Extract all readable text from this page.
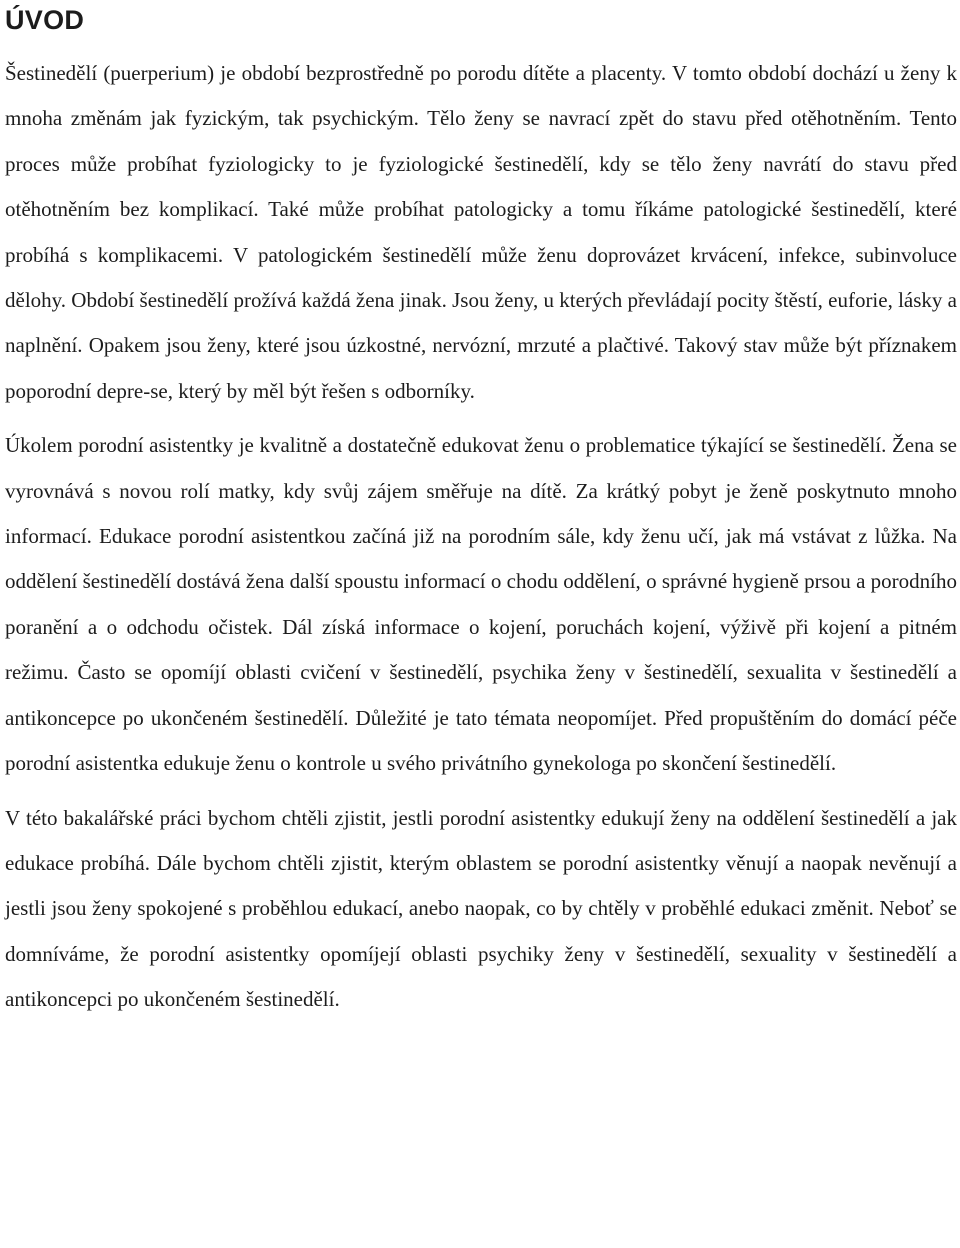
ÚVOD

Šestinedělí (puerperium) je období bezprostředně po porodu dítěte a placenty. V tomto období dochází u ženy k mnoha změnám jak fyzickým, tak psychickým. Tělo ženy se navrací zpět do stavu před otěhotněním. Tento proces může probíhat fyziologicky to je fyziologické šestinedělí, kdy se tělo ženy navrátí do stavu před otěhotněním bez komplikací. Také může probíhat patologicky a tomu říkáme patologické šestinedělí, které probíhá s komplikacemi. V patologickém šestinedělí může ženu doprovázet krvácení, infekce, subinvoluce dělohy. Období šestinedělí prožívá každá žena jinak. Jsou ženy, u kterých převládají pocity štěstí, euforie, lásky a naplnění. Opakem jsou ženy, které jsou úzkostné, nervózní, mrzuté a plačtivé. Takový stav může být příznakem poporodní depre-se, který by měl být řešen s odborníky.

Úkolem porodní asistentky je kvalitně a dostatečně edukovat ženu o problematice týkající se šestinedělí. Žena se vyrovnává s novou rolí matky, kdy svůj zájem směřuje na dítě. Za krátký pobyt je ženě poskytnuto mnoho informací. Edukace porodní asistentkou začíná již na porodním sále, kdy ženu učí, jak má vstávat z lůžka. Na oddělení šestinedělí dostává žena další spoustu informací o chodu oddělení, o správné hygieně prsou a porodního poranění a o odchodu očistek. Dál získá informace o kojení, poruchách kojení, výživě při kojení a pitném režimu. Často se opomíjí oblasti cvičení v šestinedělí, psychika ženy v šestinedělí, sexualita v šestinedělí a antikoncepce po ukončeném šestinedělí. Důležité je tato témata neopomíjet. Před propuštěním do domácí péče porodní asistentka edukuje ženu o kontrole u svého privátního gynekologa po skončení šestinedělí.

V této bakalářské práci bychom chtěli zjistit, jestli porodní asistentky edukují ženy na oddělení šestinedělí a jak edukace probíhá. Dále bychom chtěli zjistit, kterým oblastem se porodní asistentky věnují a naopak nevěnují a jestli jsou ženy spokojené s proběhlou edukací, anebo naopak, co by chtěly v proběhlé edukaci změnit. Neboť se domníváme, že porodní asistentky opomíjejí oblasti psychiky ženy v šestinedělí, sexuality v šestinedělí a antikoncepci po ukončeném šestinedělí.
